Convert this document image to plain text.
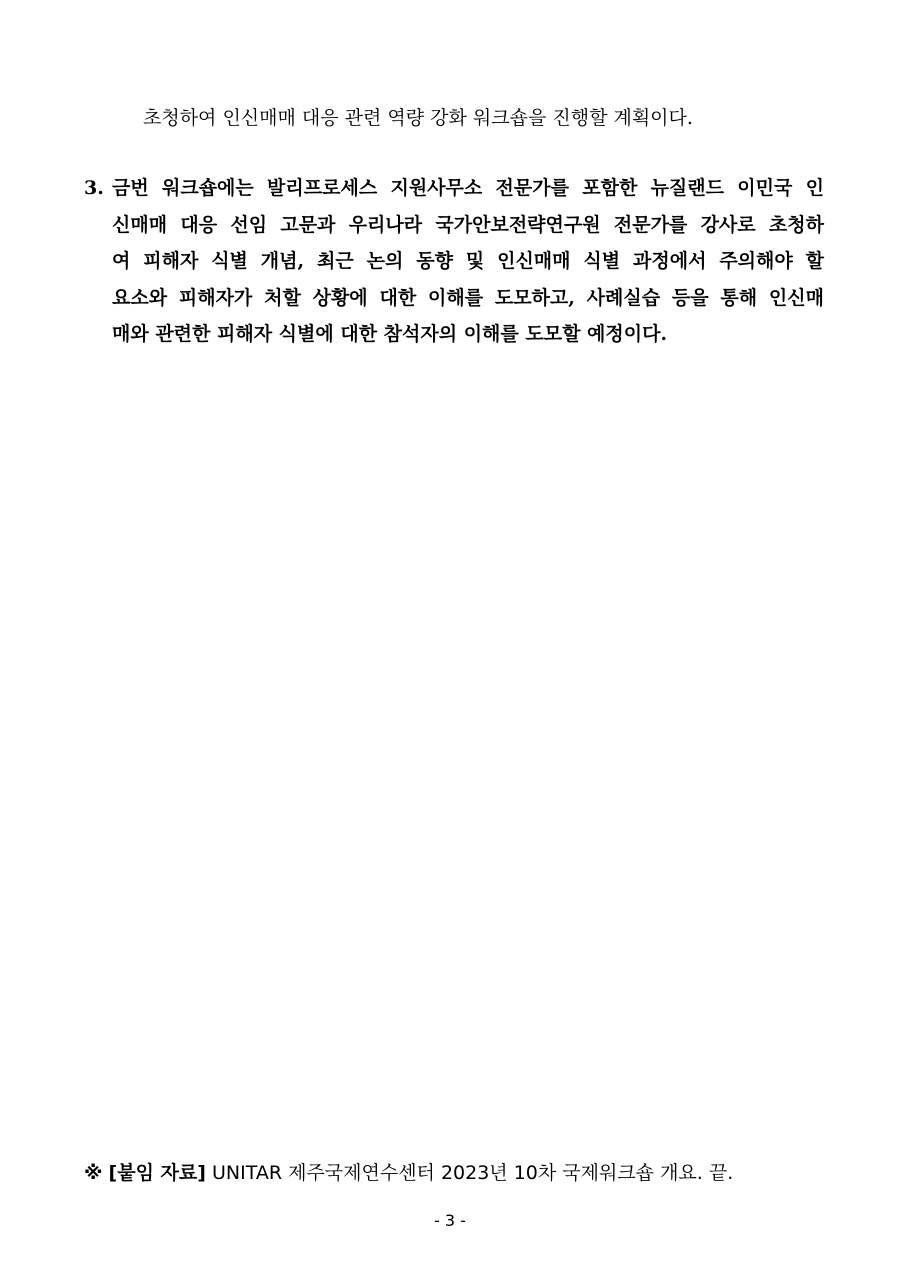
초청하여 인신매매 대응 관련 역량 강화 워크숍을 진행할 계획이다.
3. 금번 워크숍에는 발리프로세스 지원사무소 전문가를 포함한 뉴질랜드 이민국 인
신매매 대응 선임 고문과 우리나라 국가안보전략연구원 전문가를 강사로 초청하
여 피해자 식별 개념, 최근 논의 동향 및 인신매매 식별 과정에서 주의해야 할
요소와 피해자가 처할 상황에 대한 이해를 도모하고, 사례실습 등을 통해 인신매
매와 관련한 피해자 식별에 대한 참석자의 이해를 도모할 예정이다.
※ [붙임 자료] UNITAR 제주국제연수센터 2023년 10차 국제워크숍 개요. 끝.
- 3 -
